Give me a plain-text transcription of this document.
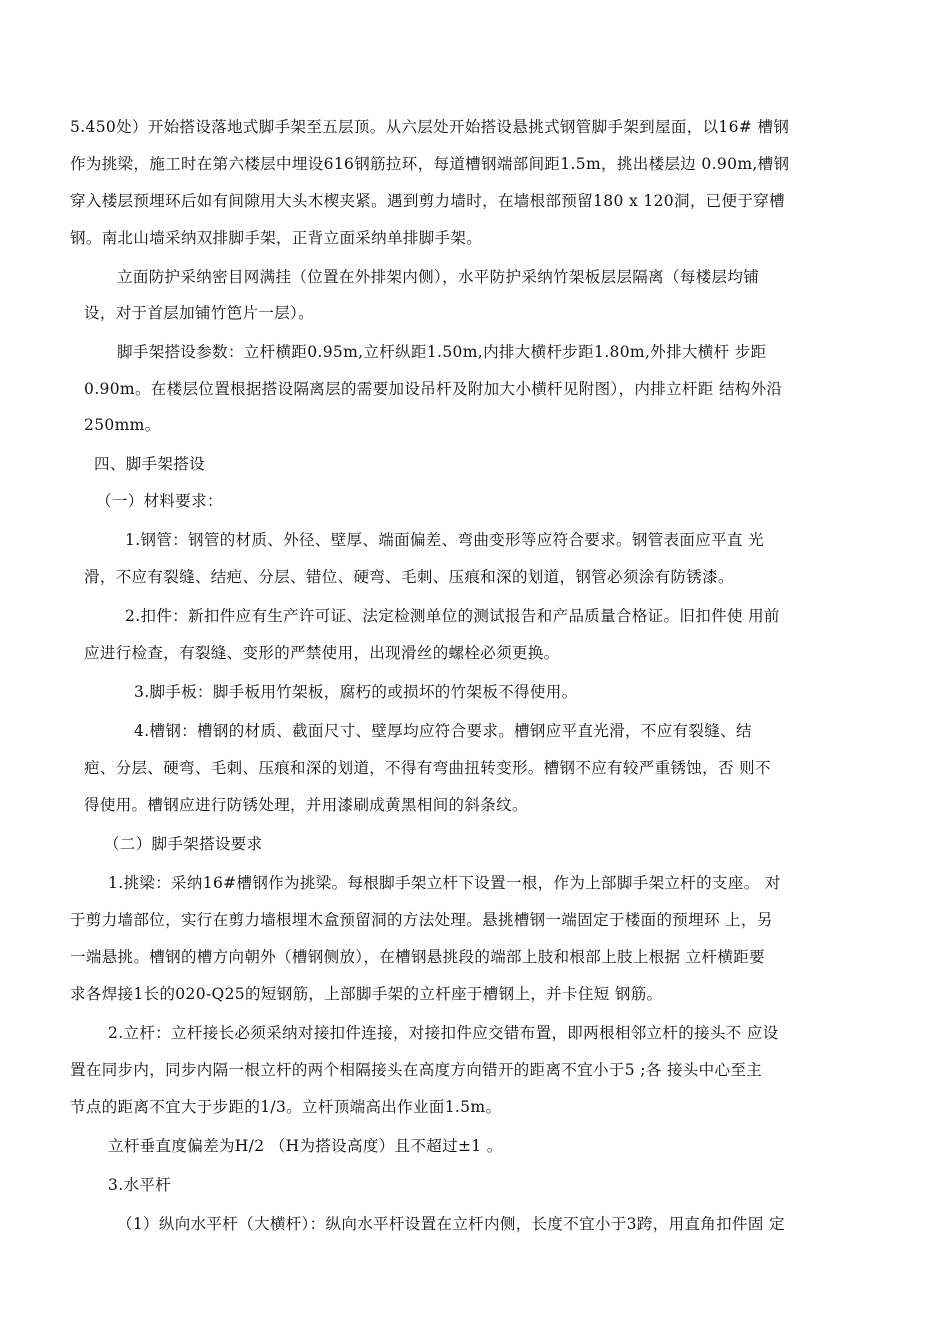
5.450处）开始搭设落地式脚手架至五层顶。从六层处开始搭设悬挑式钢管脚手架到屋面，以16# 槽钢
作为挑梁，施工时在第六楼层中埋设616钢筋拉环，每道槽钢端部间距1.5m，挑出楼层边 0.90m,槽钢
穿入楼层预埋环后如有间隙用大头木楔夹紧。遇到剪力墙时，在墙根部预留180 x 120洞，已便于穿槽
钢。南北山墙采纳双排脚手架，正背立面采纳单排脚手架。
立面防护采纳密目网满挂（位置在外排架内侧），水平防护采纳竹架板层层隔离（每楼层均铺
设，对于首层加铺竹笆片一层）。
脚手架搭设参数：立杆横距0.95m,立杆纵距1.50m,内排大横杆步距1.80m,外排大横杆 步距
0.90m。在楼层位置根据搭设隔离层的需要加设吊杆及附加大小横杆见附图），内排立杆距 结构外沿
250mm。
四、脚手架搭设
（一）材料要求：
1.钢管：钢管的材质、外径、壁厚、端面偏差、弯曲变形等应符合要求。钢管表面应平直 光
滑，不应有裂缝、结疤、分层、错位、硬弯、毛刺、压痕和深的划道，钢管必须涂有防锈漆。
2.扣件：新扣件应有生产许可证、法定检测单位的测试报告和产品质量合格证。旧扣件使 用前
应进行检查，有裂缝、变形的严禁使用，出现滑丝的螺栓必须更换。
3.脚手板：脚手板用竹架板，腐朽的或损坏的竹架板不得使用。
4.槽钢：槽钢的材质、截面尺寸、壁厚均应符合要求。槽钢应平直光滑，不应有裂缝、结
疤、分层、硬弯、毛刺、压痕和深的划道，不得有弯曲扭转变形。槽钢不应有较严重锈蚀，否 则不
得使用。槽钢应进行防锈处理，并用漆刷成黄黑相间的斜条纹。
（二）脚手架搭设要求
1.挑梁：采纳16#槽钢作为挑梁。每根脚手架立杆下设置一根，作为上部脚手架立杆的支座。 对
于剪力墙部位，实行在剪力墙根埋木盒预留洞的方法处理。悬挑槽钢一端固定于楼面的预埋环 上，另
一端悬挑。槽钢的槽方向朝外（槽钢侧放），在槽钢悬挑段的端部上肢和根部上肢上根据 立杆横距要
求各焊接1长的020-Q25的短钢筋，上部脚手架的立杆座于槽钢上，并卡住短 钢筋。
2.立杆：立杆接长必须采纳对接扣件连接，对接扣件应交错布置，即两根相邻立杆的接头不 应设
置在同步内，同步内隔一根立杆的两个相隔接头在高度方向错开的距离不宜小于5 ;各 接头中心至主
节点的距离不宜大于步距的1/3。立杆顶端高出作业面1.5m。
立杆垂直度偏差为H/2 （H为搭设高度）且不超过±1 。
3.水平杆
（1）纵向水平杆（大横杆）：纵向水平杆设置在立杆内侧，长度不宜小于3跨，用直角扣件固 定
